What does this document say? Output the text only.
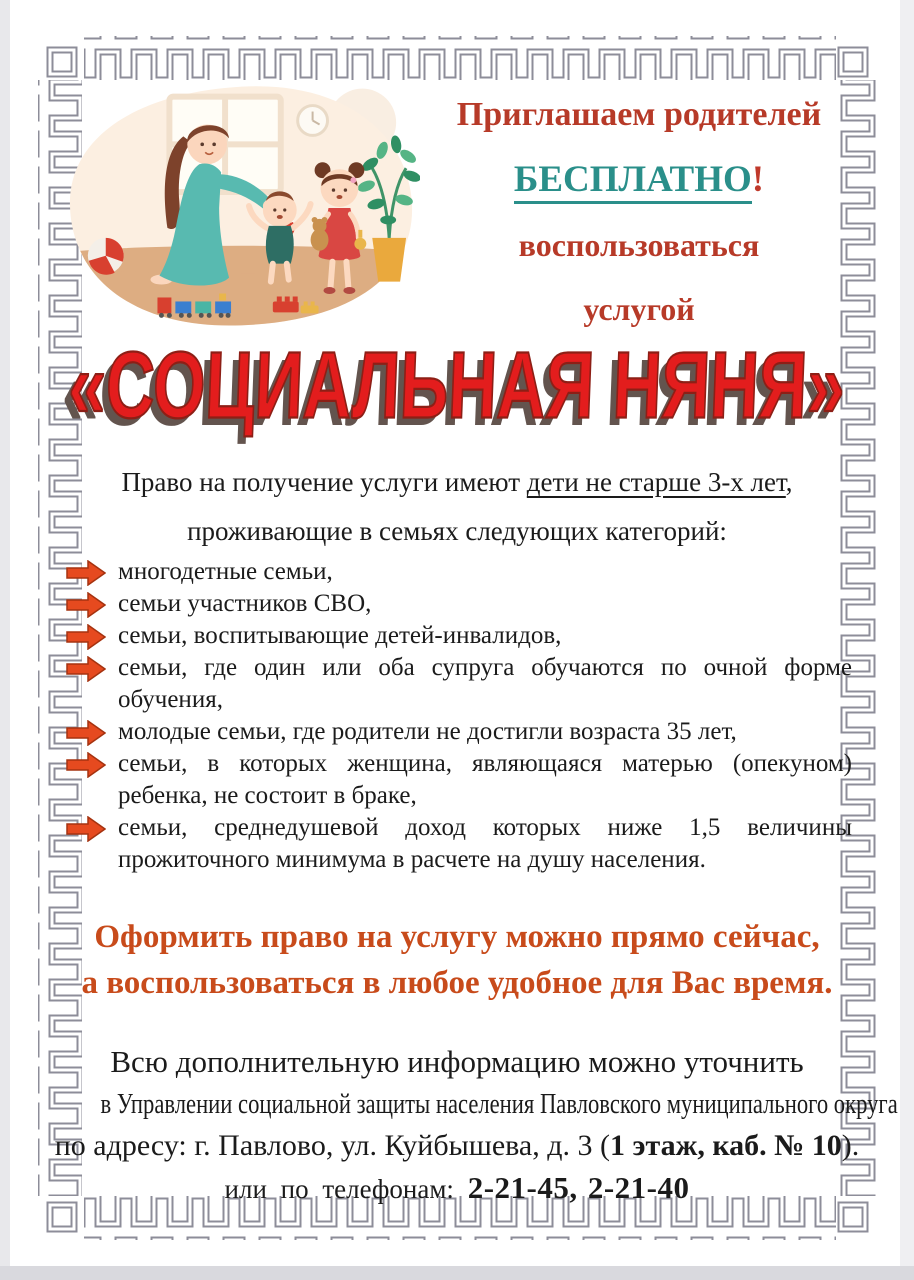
Приглашаем родителей
БЕСПЛАТНО!
воспользоваться
услугой
«СОЦИАЛЬНАЯ НЯНЯ»
Право на получение услуги имеют дети не старше 3-х лет,
проживающие в семьях следующих категорий:
многодетные семьи,
семьи участников СВО,
семьи, воспитывающие детей-инвалидов,
семьи, где один или оба супруга обучаются по очной форме обучения,
молодые семьи, где родители не достигли возраста 35 лет,
семьи, в которых женщина, являющаяся матерью (опекуном) ребенка, не состоит в браке,
семьи, среднедушевой доход которых ниже 1,5 величины прожиточного минимума в расчете на душу населения.
Оформить право на услугу можно прямо сейчас,
а воспользоваться в любое удобное для Вас время.
Всю дополнительную информацию можно уточнить
в Управлении социальной защиты населения Павловского муниципального округа
по адресу: г. Павлово, ул. Куйбышева, д. 3 (1 этаж, каб. № 10).
или по телефонам: 2-21-45, 2-21-40
